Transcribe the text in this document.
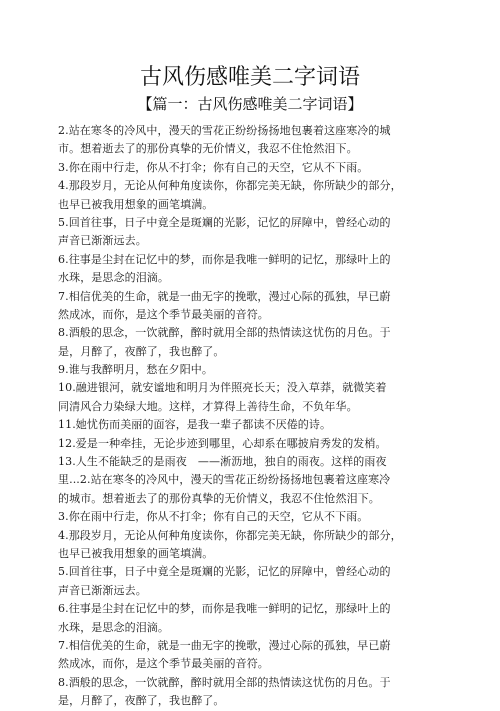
古风伤感唯美二字词语
【篇一：古风伤感唯美二字词语】
2.站在寒冬的冷风中，漫天的雪花正纷纷扬扬地包裹着这座寒冷的城
市。想着逝去了的那份真挚的无价情义，我忍不住怆然泪下。
3.你在雨中行走，你从不打伞；你有自己的天空，它从不下雨。
4.那段岁月，无论从何种角度读你，你都完美无缺，你所缺少的部分，
也早已被我用想象的画笔填满。
5.回首往事，日子中竟全是斑斓的光影，记忆的屏障中，曾经心动的
声音已渐渐远去。
6.往事是尘封在记忆中的梦，而你是我唯一鲜明的记忆，那绿叶上的
水珠，是思念的泪滴。
7.相信优美的生命，就是一曲无字的挽歌，漫过心际的孤独，早已蔚
然成冰，而你，是这个季节最美丽的音符。
8.酒般的思念，一饮就醉，醉时就用全部的热情读这忧伤的月色。于
是，月醉了，夜醉了，我也醉了。
9.谁与我醉明月，愁在夕阳中。
10.融进银河，就安谧地和明月为伴照亮长天；没入草莽，就微笑着
同清风合力染绿大地。这样，才算得上善待生命，不负年华。
11.她忧伤而美丽的面容，是我一辈子都读不厌倦的诗。
12.爱是一种牵挂，无论步迹到哪里，心却系在哪披肩秀发的发梢。
13.人生不能缺乏的是雨夜　——淅沥地，独自的雨夜。这样的雨夜
里...2.站在寒冬的冷风中，漫天的雪花正纷纷扬扬地包裹着这座寒冷
的城市。想着逝去了的那份真挚的无价情义，我忍不住怆然泪下。
3.你在雨中行走，你从不打伞；你有自己的天空，它从不下雨。
4.那段岁月，无论从何种角度读你，你都完美无缺，你所缺少的部分，
也早已被我用想象的画笔填满。
5.回首往事，日子中竟全是斑斓的光影，记忆的屏障中，曾经心动的
声音已渐渐远去。
6.往事是尘封在记忆中的梦，而你是我唯一鲜明的记忆，那绿叶上的
水珠，是思念的泪滴。
7.相信优美的生命，就是一曲无字的挽歌，漫过心际的孤独，早已蔚
然成冰，而你，是这个季节最美丽的音符。
8.酒般的思念，一饮就醉，醉时就用全部的热情读这忧伤的月色。于
是，月醉了，夜醉了，我也醉了。
